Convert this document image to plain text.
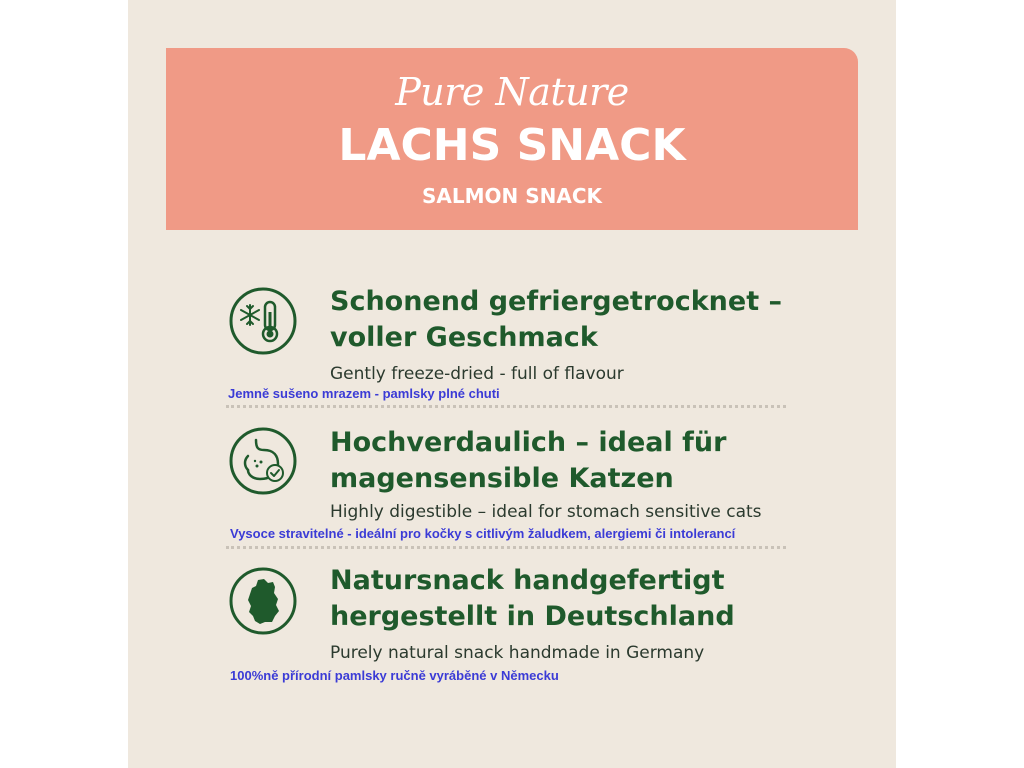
Pure Nature
LACHS SNACK
SALMON SNACK
Schonend gefriergetrocknet –
voller Geschmack
Gently freeze-dried - full of flavour
Jemně sušeno mrazem - pamlsky plné chuti
Hochverdaulich – ideal für
magensensible Katzen
Highly digestible – ideal for stomach sensitive cats
Vysoce stravitelné - ideální pro kočky s citlivým žaludkem, alergiemi či intolerancí
Natursnack handgefertigt
hergestellt in Deutschland
Purely natural snack handmade in Germany
100%ně přírodní pamlsky ručně vyráběné v Německu
